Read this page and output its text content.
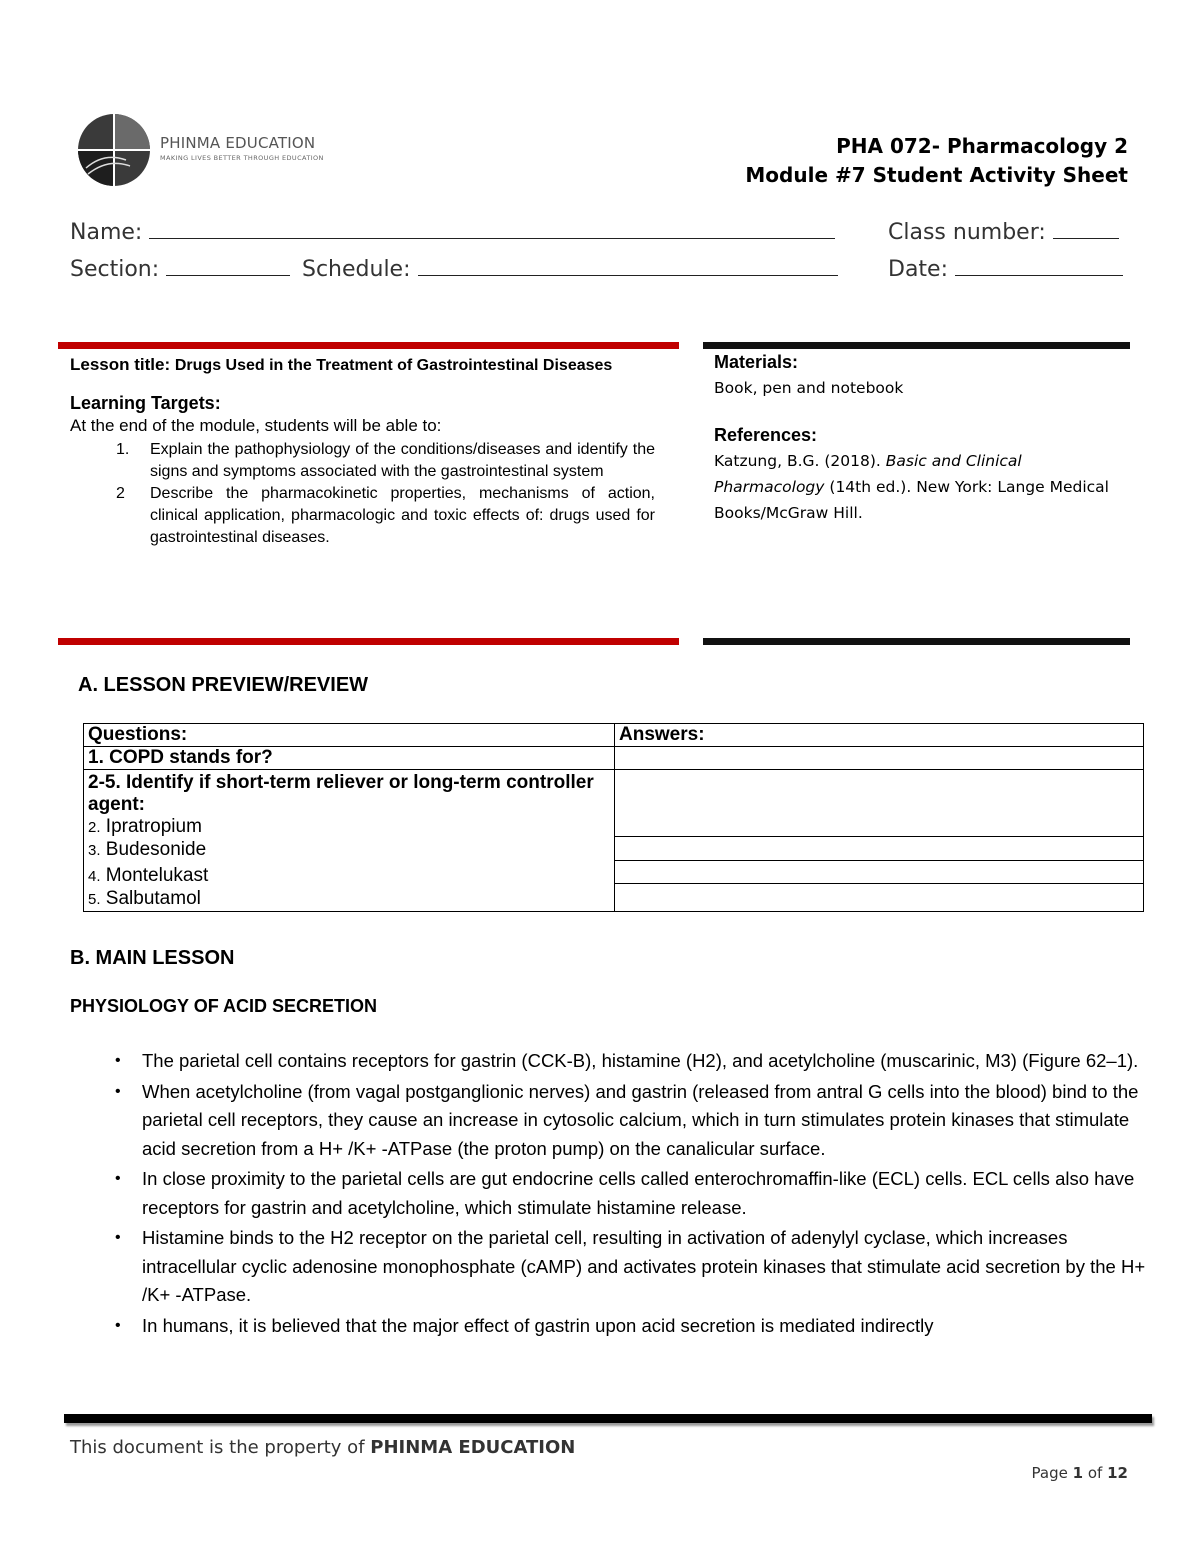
PHINMA EDUCATION
MAKING LIVES BETTER THROUGH EDUCATION	PHA 072- Pharmacology 2
Module #7 Student Activity Sheet
Name:	Class number:
Section:	Schedule:	Date:
Lesson title: Drugs Used in the Treatment of Gastrointestinal Diseases
Learning Targets:
At the end of the module, students will be able to:
1.	Explain the pathophysiology of the conditions/diseases and identify the signs and symptoms associated with the gastrointestinal system
2	Describe the pharmacokinetic properties, mechanisms of action, clinical application, pharmacologic and toxic effects of: drugs used for gastrointestinal diseases.
Materials:

Book, pen and notebook

References:

Katzung, B.G. (2018). Basic and Clinical Pharmacology (14th ed.). New York: Lange Medical Books/McGraw Hill.

A. LESSON PREVIEW/REVIEW
Questions:	Answers:
1. COPD stands for?	

2-5. Identify if short-term reliever or long-term controller agent:
2. Ipratropium
3. Budesonide
4. Montelukast
5. Salbutamol	

B. MAIN LESSON
PHYSIOLOGY OF ACID SECRETION
• The parietal cell contains receptors for gastrin (CCK-B), histamine (H2), and acetylcholine (muscarinic, M3) (Figure 62–1).
• When acetylcholine (from vagal postganglionic nerves) and gastrin (released from antral G cells into the blood) bind to the parietal cell receptors, they cause an increase in cytosolic calcium, which in turn stimulates protein kinases that stimulate acid secretion from a H+ /K+ -ATPase (the proton pump) on the canalicular surface.
• In close proximity to the parietal cells are gut endocrine cells called enterochromaffin-like (ECL) cells. ECL cells also have receptors for gastrin and acetylcholine, which stimulate histamine release.
• Histamine binds to the H2 receptor on the parietal cell, resulting in activation of adenylyl cyclase, which increases intracellular cyclic adenosine monophosphate (cAMP) and activates protein kinases that stimulate acid secretion by the H+ /K+ -ATPase.
• In humans, it is believed that the major effect of gastrin upon acid secretion is mediated indirectly
This document is the property of PHINMA EDUCATION
Page 1 of 12
